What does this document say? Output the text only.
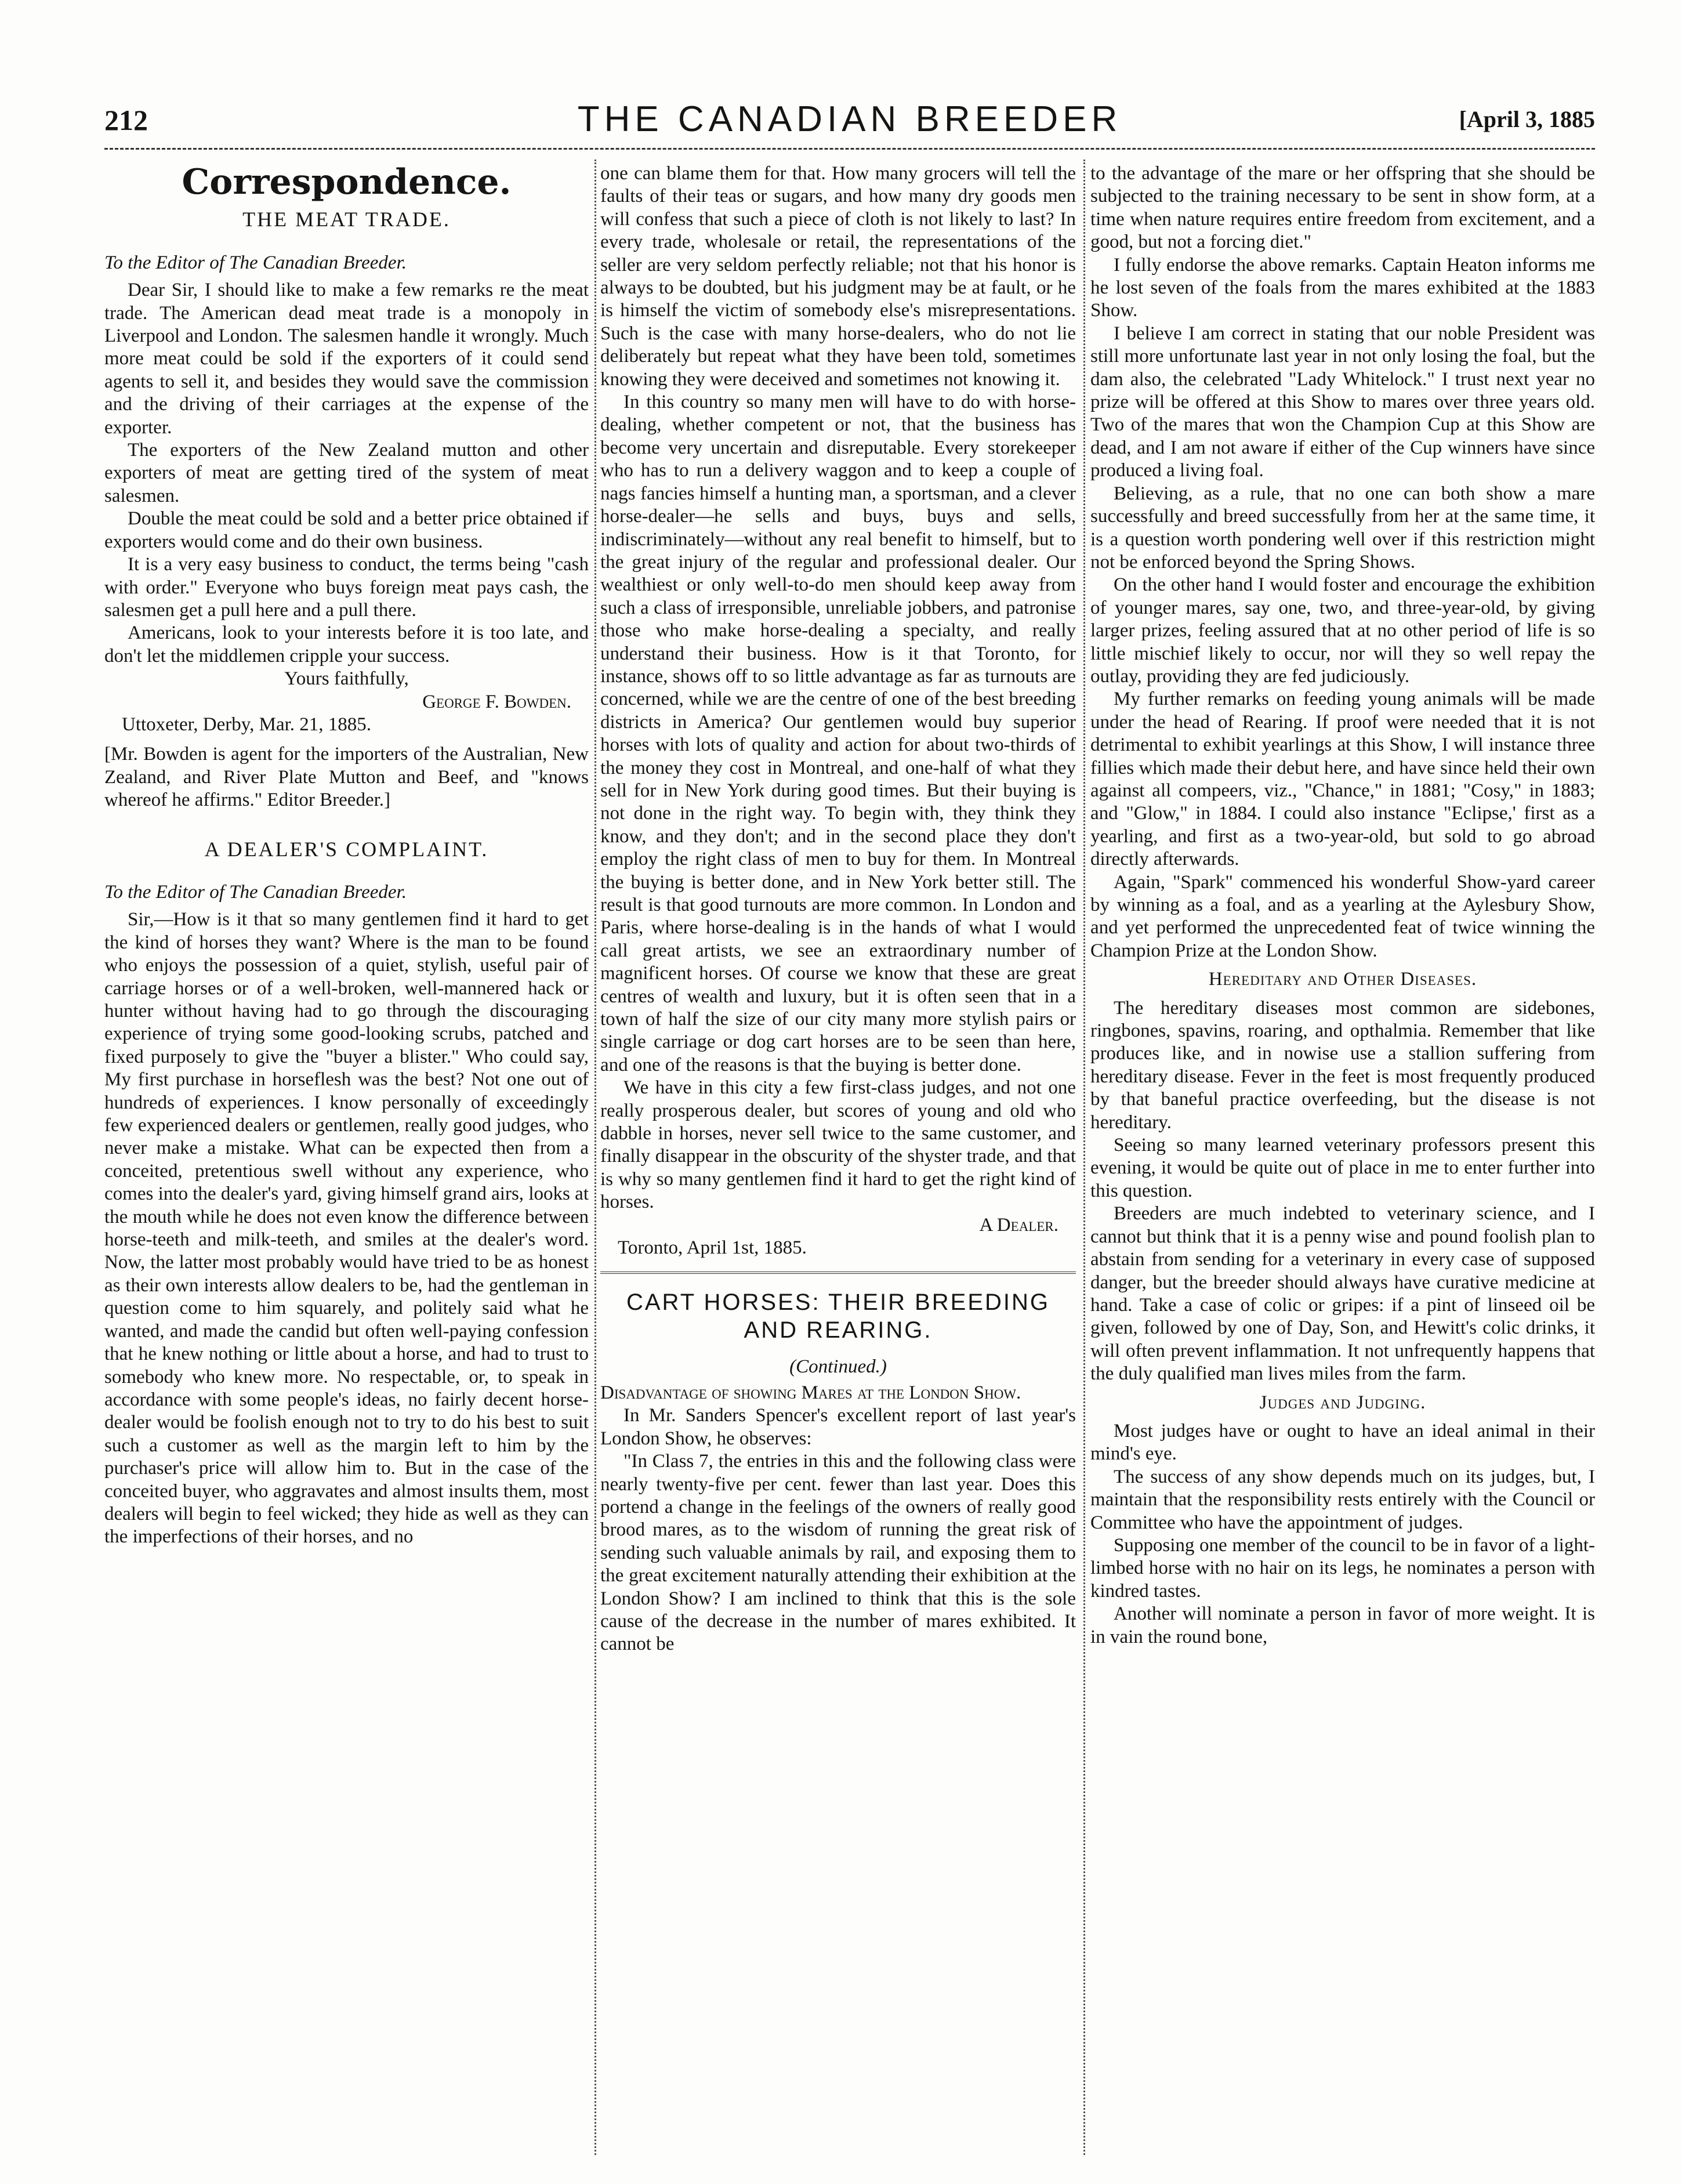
212	THE CANADIAN BREEDER	[April 3, 1885
Correspondence.
THE MEAT TRADE.

To the Editor of The Canadian Breeder.

Dear Sir, I should like to make a few remarks re the meat trade. The American dead meat trade is a monopoly in Liverpool and London. The salesmen handle it wrongly. Much more meat could be sold if the exporters of it could send agents to sell it, and besides they would save the commission and the driving of their carriages at the expense of the exporter.

The exporters of the New Zealand mutton and other exporters of meat are getting tired of the system of meat salesmen.

Double the meat could be sold and a better price obtained if exporters would come and do their own business.

It is a very easy business to conduct, the terms being "cash with order." Everyone who buys foreign meat pays cash, the salesmen get a pull here and a pull there.

Americans, look to your interests before it is too late, and don't let the middlemen cripple your success.

Yours faithfully,

George F. Bowden.

Uttoxeter, Derby, Mar. 21, 1885.

[Mr. Bowden is agent for the importers of the Australian, New Zealand, and River Plate Mutton and Beef, and "knows whereof he affirms." Editor Breeder.]

A DEALER'S COMPLAINT.

To the Editor of The Canadian Breeder.

Sir,—How is it that so many gentlemen find it hard to get the kind of horses they want? Where is the man to be found who enjoys the possession of a quiet, stylish, useful pair of carriage horses or of a well-broken, well-mannered hack or hunter without having had to go through the discouraging experience of trying some good-looking scrubs, patched and fixed purposely to give the "buyer a blister." Who could say, My first purchase in horseflesh was the best? Not one out of hundreds of experiences. I know personally of exceedingly few experienced dealers or gentlemen, really good judges, who never make a mistake. What can be expected then from a conceited, pretentious swell without any experience, who comes into the dealer's yard, giving himself grand airs, looks at the mouth while he does not even know the difference between horse-teeth and milk-teeth, and smiles at the dealer's word. Now, the latter most probably would have tried to be as honest as their own interests allow dealers to be, had the gentleman in question come to him squarely, and politely said what he wanted, and made the candid but often well-paying confession that he knew nothing or little about a horse, and had to trust to somebody who knew more. No respectable, or, to speak in accordance with some people's ideas, no fairly decent horse-dealer would be foolish enough not to try to do his best to suit such a customer as well as the margin left to him by the purchaser's price will allow him to. But in the case of the conceited buyer, who aggravates and almost insults them, most dealers will begin to feel wicked; they hide as well as they can the imperfections of their horses, and no

one can blame them for that. How many grocers will tell the faults of their teas or sugars, and how many dry goods men will confess that such a piece of cloth is not likely to last? In every trade, wholesale or retail, the representations of the seller are very seldom perfectly reliable; not that his honor is always to be doubted, but his judgment may be at fault, or he is himself the victim of somebody else's misrepresentations. Such is the case with many horse-dealers, who do not lie deliberately but repeat what they have been told, sometimes knowing they were deceived and sometimes not knowing it.

In this country so many men will have to do with horse-dealing, whether competent or not, that the business has become very uncertain and disreputable. Every storekeeper who has to run a delivery waggon and to keep a couple of nags fancies himself a hunting man, a sportsman, and a clever horse-dealer—he sells and buys, buys and sells, indiscriminately—without any real benefit to himself, but to the great injury of the regular and professional dealer. Our wealthiest or only well-to-do men should keep away from such a class of irresponsible, unreliable jobbers, and patronise those who make horse-dealing a specialty, and really understand their business. How is it that Toronto, for instance, shows off to so little advantage as far as turnouts are concerned, while we are the centre of one of the best breeding districts in America? Our gentlemen would buy superior horses with lots of quality and action for about two-thirds of the money they cost in Montreal, and one-half of what they sell for in New York during good times. But their buying is not done in the right way. To begin with, they think they know, and they don't; and in the second place they don't employ the right class of men to buy for them. In Montreal the buying is better done, and in New York better still. The result is that good turnouts are more common. In London and Paris, where horse-dealing is in the hands of what I would call great artists, we see an extraordinary number of magnificent horses. Of course we know that these are great centres of wealth and luxury, but it is often seen that in a town of half the size of our city many more stylish pairs or single carriage or dog cart horses are to be seen than here, and one of the reasons is that the buying is better done.

We have in this city a few first-class judges, and not one really prosperous dealer, but scores of young and old who dabble in horses, never sell twice to the same customer, and finally disappear in the obscurity of the shyster trade, and that is why so many gentlemen find it hard to get the right kind of horses.

A Dealer.

Toronto, April 1st, 1885.

CART HORSES: THEIR BREEDING AND REARING.

(Continued.)

Disadvantage of showing Mares at the London Show.

In Mr. Sanders Spencer's excellent report of last year's London Show, he observes:

"In Class 7, the entries in this and the following class were nearly twenty-five per cent. fewer than last year. Does this portend a change in the feelings of the owners of really good brood mares, as to the wisdom of running the great risk of sending such valuable animals by rail, and exposing them to the great excitement naturally attending their exhibition at the London Show? I am inclined to think that this is the sole cause of the decrease in the number of mares exhibited. It cannot be

to the advantage of the mare or her offspring that she should be subjected to the training necessary to be sent in show form, at a time when nature requires entire freedom from excitement, and a good, but not a forcing diet."

I fully endorse the above remarks. Captain Heaton informs me he lost seven of the foals from the mares exhibited at the 1883 Show.

I believe I am correct in stating that our noble President was still more unfortunate last year in not only losing the foal, but the dam also, the celebrated "Lady Whitelock." I trust next year no prize will be offered at this Show to mares over three years old. Two of the mares that won the Champion Cup at this Show are dead, and I am not aware if either of the Cup winners have since produced a living foal.

Believing, as a rule, that no one can both show a mare successfully and breed successfully from her at the same time, it is a question worth pondering well over if this restriction might not be enforced beyond the Spring Shows.

On the other hand I would foster and encourage the exhibition of younger mares, say one, two, and three-year-old, by giving larger prizes, feeling assured that at no other period of life is so little mischief likely to occur, nor will they so well repay the outlay, providing they are fed judiciously.

My further remarks on feeding young animals will be made under the head of Rearing. If proof were needed that it is not detrimental to exhibit yearlings at this Show, I will instance three fillies which made their debut here, and have since held their own against all compeers, viz., "Chance," in 1881; "Cosy," in 1883; and "Glow," in 1884. I could also instance "Eclipse,' first as a yearling, and first as a two-year-old, but sold to go abroad directly afterwards.

Again, "Spark" commenced his wonderful Show-yard career by winning as a foal, and as a yearling at the Aylesbury Show, and yet performed the unprecedented feat of twice winning the Champion Prize at the London Show.

Hereditary and Other Diseases.

The hereditary diseases most common are sidebones, ringbones, spavins, roaring, and opthalmia. Remember that like produces like, and in nowise use a stallion suffering from hereditary disease. Fever in the feet is most frequently produced by that baneful practice overfeeding, but the disease is not hereditary.

Seeing so many learned veterinary professors present this evening, it would be quite out of place in me to enter further into this question.

Breeders are much indebted to veterinary science, and I cannot but think that it is a penny wise and pound foolish plan to abstain from sending for a veterinary in every case of supposed danger, but the breeder should always have curative medicine at hand. Take a case of colic or gripes: if a pint of linseed oil be given, followed by one of Day, Son, and Hewitt's colic drinks, it will often prevent inflammation. It not unfrequently happens that the duly qualified man lives miles from the farm.

Judges and Judging.

Most judges have or ought to have an ideal animal in their mind's eye.

The success of any show depends much on its judges, but, I maintain that the responsibility rests entirely with the Council or Committee who have the appointment of judges.

Supposing one member of the council to be in favor of a light-limbed horse with no hair on its legs, he nominates a person with kindred tastes.

Another will nominate a person in favor of more weight. It is in vain the round bone,
